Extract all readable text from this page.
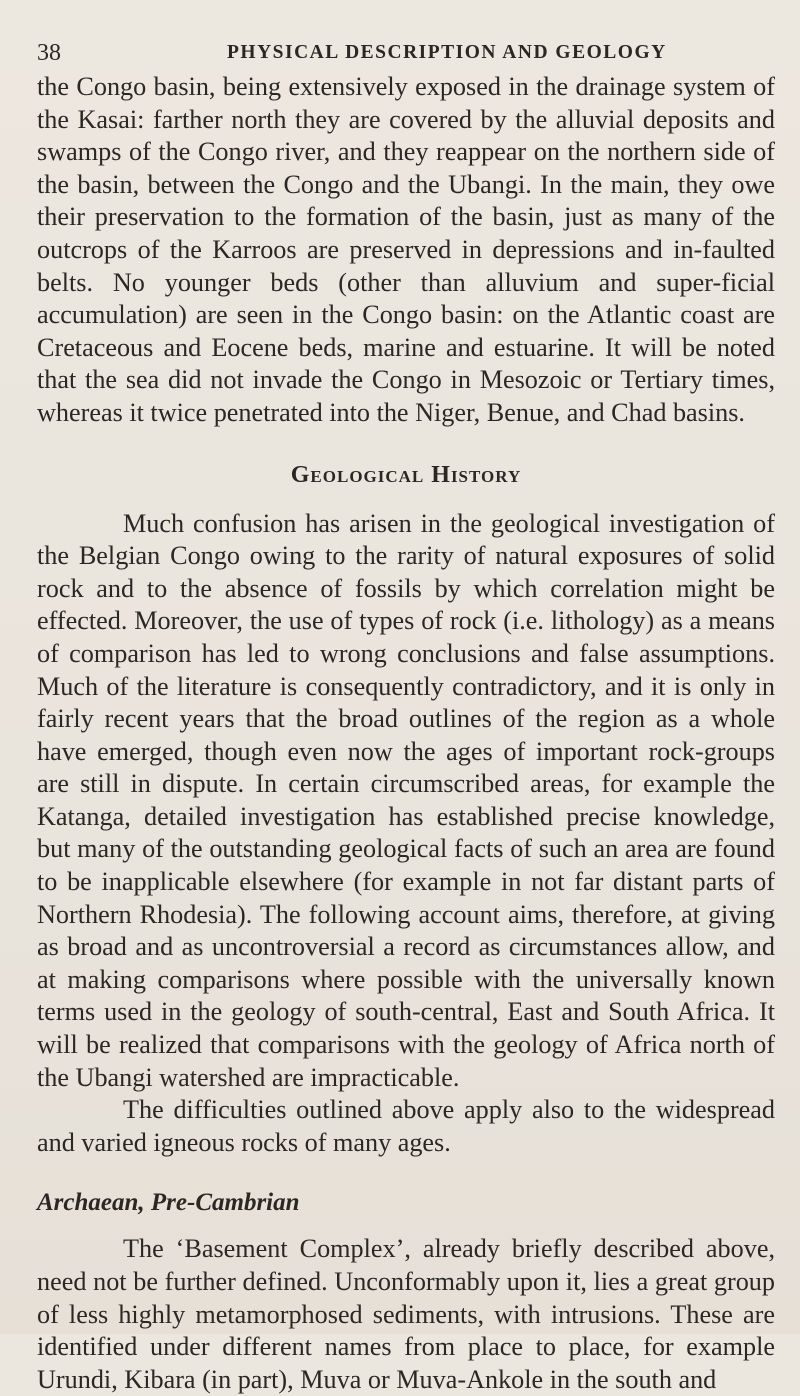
38	PHYSICAL DESCRIPTION AND GEOLOGY

the Congo basin, being extensively exposed in the drainage system of the Kasai: farther north they are covered by the alluvial deposits and swamps of the Congo river, and they reappear on the northern side of the basin, between the Congo and the Ubangi. In the main, they owe their preservation to the formation of the basin, just as many of the outcrops of the Karroos are preserved in depressions and in-faulted belts. No younger beds (other than alluvium and super-ficial accumulation) are seen in the Congo basin: on the Atlantic coast are Cretaceous and Eocene beds, marine and estuarine. It will be noted that the sea did not invade the Congo in Mesozoic or Tertiary times, whereas it twice penetrated into the Niger, Benue, and Chad basins.

Geological History

Much confusion has arisen in the geological investigation of the Belgian Congo owing to the rarity of natural exposures of solid rock and to the absence of fossils by which correlation might be effected. Moreover, the use of types of rock (i.e. lithology) as a means of comparison has led to wrong conclusions and false assumptions. Much of the literature is consequently contradictory, and it is only in fairly recent years that the broad outlines of the region as a whole have emerged, though even now the ages of important rock-groups are still in dispute. In certain circumscribed areas, for example the Katanga, detailed investigation has established precise knowledge, but many of the outstanding geological facts of such an area are found to be inapplicable elsewhere (for example in not far distant parts of Northern Rhodesia). The following account aims, therefore, at giving as broad and as uncontroversial a record as circumstances allow, and at making comparisons where possible with the universally known terms used in the geology of south-central, East and South Africa. It will be realized that comparisons with the geology of Africa north of the Ubangi watershed are impracticable.

The difficulties outlined above apply also to the widespread and varied igneous rocks of many ages.

Archaean, Pre-Cambrian

The ‘Basement Complex’, already briefly described above, need not be further defined. Unconformably upon it, lies a great group of less highly metamorphosed sediments, with intrusions. These are identified under different names from place to place, for example Urundi, Kibara (in part), Muva or Muva-Ankole in the south and
